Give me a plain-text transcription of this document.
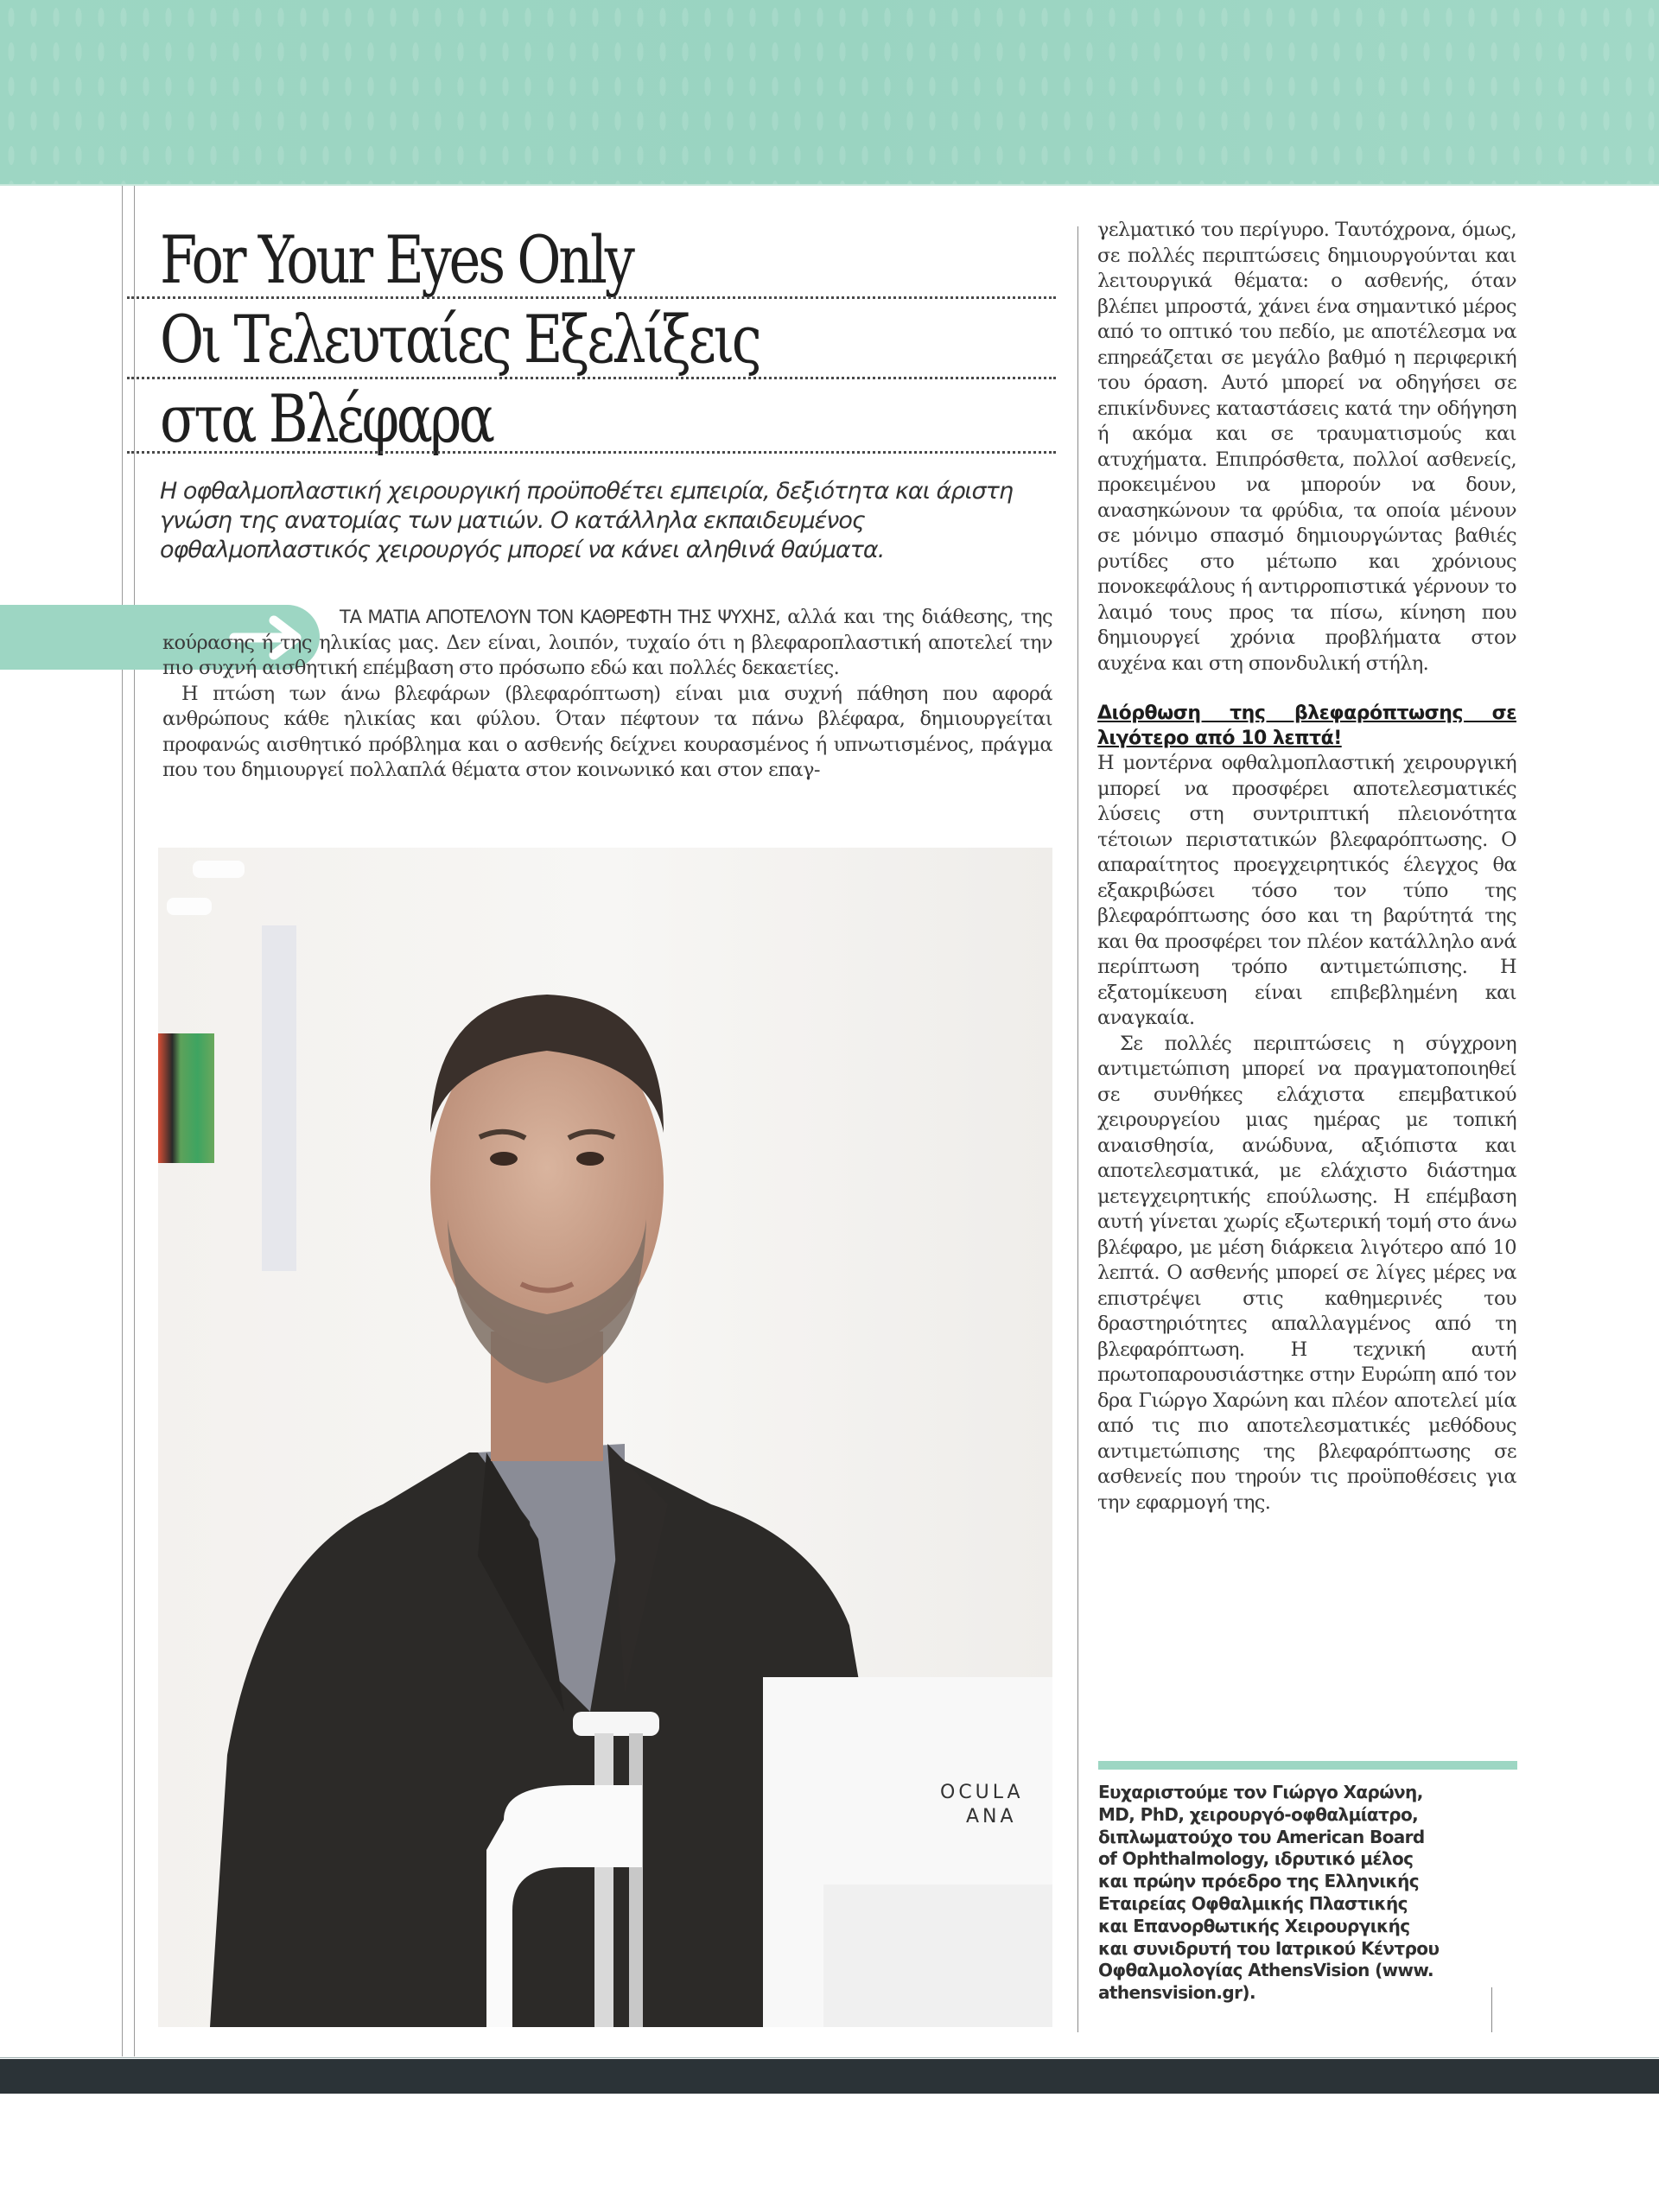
For Your Eyes Only
Οι Τελευταίες Εξελίξεις
στα Βλέφαρα
Η οφθαλμοπλαστική χειρουργική προϋποθέτει εμπειρία, δεξιότητα και άριστη γνώση της ανατομίας των ματιών. Ο κατάλληλα εκπαιδευμένος οφθαλμοπλαστικός χειρουργός μπορεί να κάνει αληθινά θαύματα.

ΤΑ ΜΑΤΙΑ ΑΠΟΤΕΛΟΥΝ ΤΟΝ ΚΑΘΡΕΦΤΗ ΤΗΣ ΨΥΧΗΣ, αλλά και της διάθεσης, της κούρασης ή της ηλικίας μας. Δεν είναι, λοιπόν, τυχαίο ότι η βλεφαροπλαστική αποτελεί την πιο συχνή αισθητική επέμβαση στο πρόσωπο εδώ και πολλές δεκαετίες.

Η πτώση των άνω βλεφάρων (βλεφαρόπτωση) είναι μια συχνή πάθηση που αφορά ανθρώπους κάθε ηλικίας και φύλου. Όταν πέφτουν τα πάνω βλέφαρα, δημιουργείται προφανώς αισθητικό πρόβλημα και ο ασθενής δείχνει κουρασμένος ή υπνωτισμένος, πράγμα που του δημιουργεί πολλαπλά θέματα στον κοινωνικό και στον επαγ-

OCULA
ANA

γελματικό του περίγυρο. Ταυτόχρονα, όμως, σε πολλές περιπτώσεις δημιουργούνται και λειτουργικά θέματα: ο ασθενής, όταν βλέπει μπροστά, χάνει ένα σημαντικό μέρος από το οπτικό του πεδίο, με αποτέλεσμα να επηρεάζεται σε μεγάλο βαθμό η περιφερική του όραση. Αυτό μπορεί να οδηγήσει σε επικίνδυνες καταστάσεις κατά την οδήγηση ή ακόμα και σε τραυματισμούς και ατυχήματα. Επιπρόσθετα, πολλοί ασθενείς, προκειμένου να μπορούν να δουν, ανασηκώνουν τα φρύδια, τα οποία μένουν σε μόνιμο σπασμό δημιουργώντας βαθιές ρυτίδες στο μέτωπο και χρόνιους πονοκεφάλους ή αντιρροπιστικά γέρνουν το λαιμό τους προς τα πίσω, κίνηση που δημιουργεί χρόνια προβλήματα στον αυχένα και στη σπονδυλική στήλη.

Διόρθωση της βλεφαρόπτωσης σε λιγότερο από 10 λεπτά!

Η μοντέρνα οφθαλμοπλαστική χειρουργική μπορεί να προσφέρει αποτελεσματικές λύσεις στη συντριπτική πλειονότητα τέτοιων περιστατικών βλεφαρόπτωσης. Ο απαραίτητος προεγχειρητικός έλεγχος θα εξακριβώσει τόσο τον τύπο της βλεφαρόπτωσης όσο και τη βαρύτητά της και θα προσφέρει τον πλέον κατάλληλο ανά περίπτωση τρόπο αντιμετώπισης. Η εξατομίκευση είναι επιβεβλημένη και αναγκαία.

Σε πολλές περιπτώσεις η σύγχρονη αντιμετώπιση μπορεί να πραγματοποιηθεί σε συνθήκες ελάχιστα επεμβατικού χειρουργείου μιας ημέρας με τοπική αναισθησία, ανώδυνα, αξιόπιστα και αποτελεσματικά, με ελάχιστο διάστημα μετεγχειρητικής επούλωσης. Η επέμβαση αυτή γίνεται χωρίς εξωτερική τομή στο άνω βλέφαρο, με μέση διάρκεια λιγότερο από 10 λεπτά. Ο ασθενής μπορεί σε λίγες μέρες να επιστρέψει στις καθημερινές του δραστηριότητες απαλλαγμένος από τη βλεφαρόπτωση. Η τεχνική αυτή πρωτοπαρουσιάστηκε στην Ευρώπη από τον δρα Γιώργο Χαρώνη και πλέον αποτελεί μία από τις πιο αποτελεσματικές μεθόδους αντιμετώπισης της βλεφαρόπτωσης σε ασθενείς που τηρούν τις προϋποθέσεις για την εφαρμογή της.

Ευχαριστούμε τον Γιώργο Χαρώνη,
MD, PhD, χειρουργό-οφθαλμίατρο,
διπλωματούχο του American Board
of Ophthalmology, ιδρυτικό μέλος
και πρώην πρόεδρο της Ελληνικής
Εταιρείας Οφθαλμικής Πλαστικής
και Επανορθωτικής Χειρουργικής
και συνιδρυτή του Ιατρικού Κέντρου
Οφθαλμολογίας AthensVision (www.
athensvision.gr).
